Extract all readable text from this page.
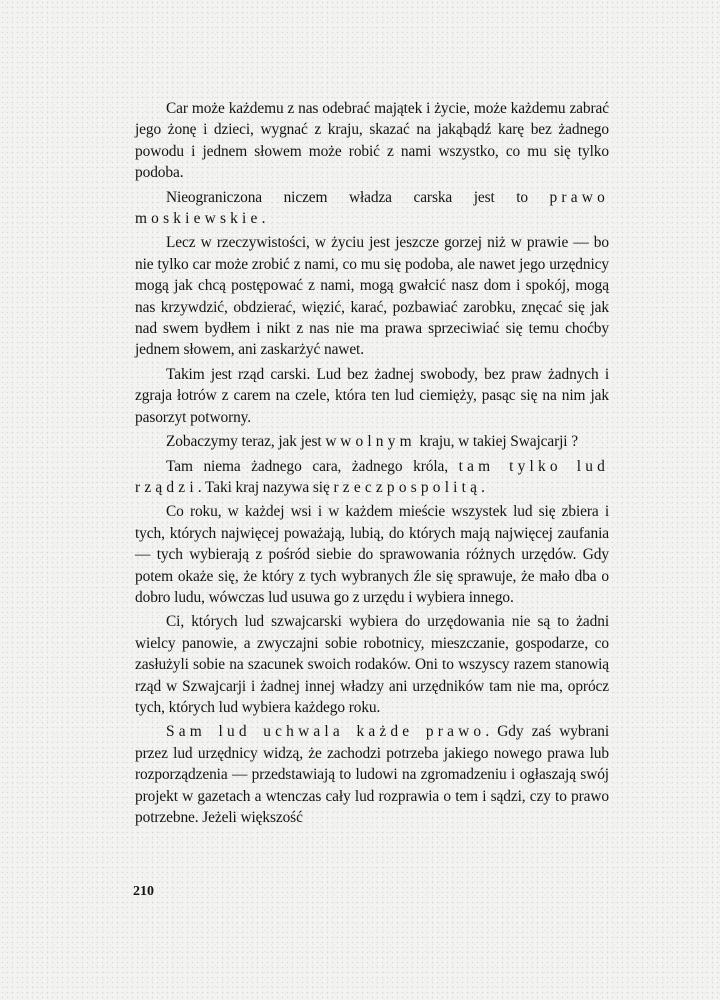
Car może każdemu z nas odebrać majątek i życie, może każdemu zabrać jego żonę i dzieci, wygnać z kraju, skazać na jakąbądź karę bez żadnego powodu i jednem słowem może robić z nami wszystko, co mu się tylko podoba.

Nieograniczona niczem władza carska jest to prawo moskiewskie.

Lecz w rzeczywistości, w życiu jest jeszcze gorzej niż w prawie — bo nie tylko car może zrobić z nami, co mu się podoba, ale nawet jego urzędnicy mogą jak chcą postępować z nami, mogą gwałcić nasz dom i spokój, mogą nas krzywdzić, obdzierać, więzić, karać, pozbawiać zarobku, znęcać się jak nad swem bydłem i nikt z nas nie ma prawa sprzeciwiać się temu choćby jednem słowem, ani zaskarżyć nawet.

Takim jest rząd carski. Lud bez żadnej swobody, bez praw żadnych i zgraja łotrów z carem na czele, która ten lud ciemięży, pasąc się na nim jak pasorzyt potworny.

Zobaczymy teraz, jak jest w wolnym kraju, w takiej Swajcarji ?

Tam niema żadnego cara, żadnego króla, tam tylko lud rządzi. Taki kraj nazywa się rzeczpospolitą.

Co roku, w każdej wsi i w każdem mieście wszystek lud się zbiera i tych, których najwięcej poważają, lubią, do których mają najwięcej zaufania — tych wybierają z pośród siebie do sprawowania różnych urzędów. Gdy potem okaże się, że który z tych wybranych źle się sprawuje, że mało dba o dobro ludu, wówczas lud usuwa go z urzędu i wybiera innego.

Ci, których lud szwajcarski wybiera do urzędowania nie są to żadni wielcy panowie, a zwyczajni sobie robotnicy, mieszczanie, gospodarze, co zasłużyli sobie na szacunek swoich rodaków. Oni to wszyscy razem stanowią rząd w Szwajcarji i żadnej innej władzy ani urzędników tam nie ma, oprócz tych, których lud wybiera każdego roku.

Sam lud uchwala każde prawo. Gdy zaś wybrani przez lud urzędnicy widzą, że zachodzi potrzeba jakiego nowego prawa lub rozporządzenia — przedstawiają to ludowi na zgromadzeniu i ogłaszają swój projekt w gazetach a wtenczas cały lud rozprawia o tem i sądzi, czy to prawo potrzebne. Jeżeli większość

210
